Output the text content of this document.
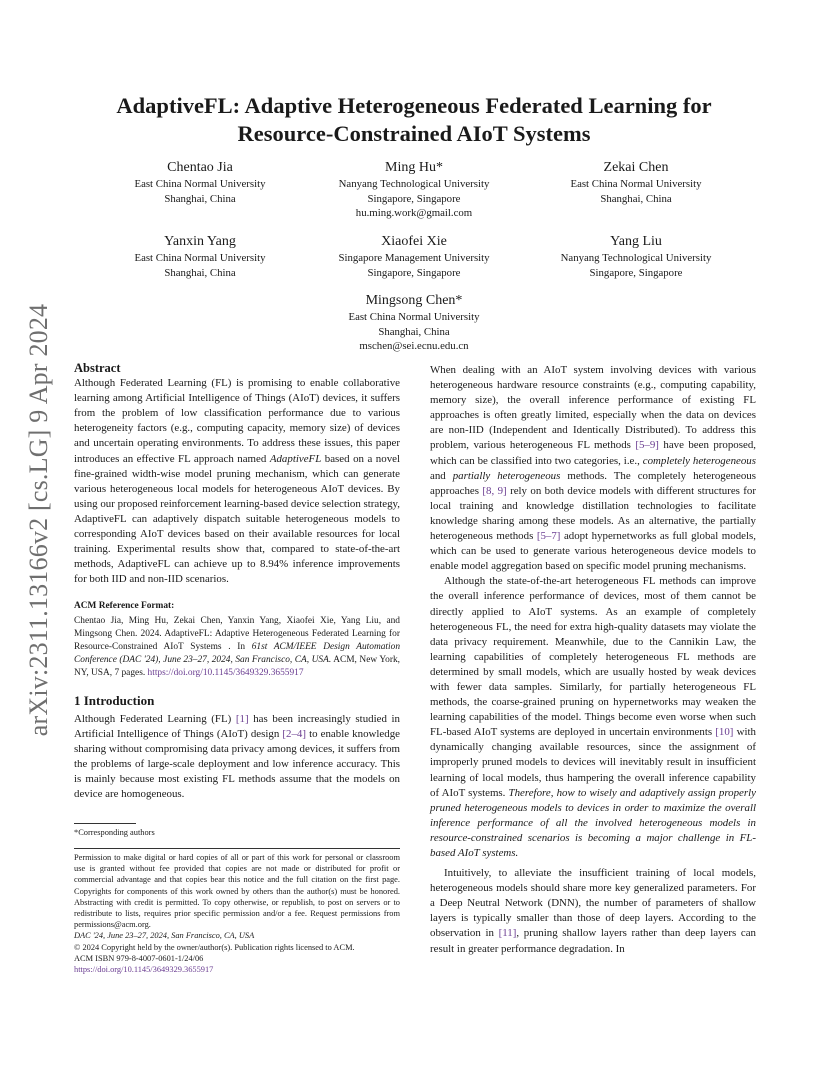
arXiv:2311.13166v2 [cs.LG] 9 Apr 2024
AdaptiveFL: Adaptive Heterogeneous Federated Learning for Resource-Constrained AIoT Systems
Chentao Jia
East China Normal University
Shanghai, China
Ming Hu*
Nanyang Technological University
Singapore, Singapore
hu.ming.work@gmail.com
Zekai Chen
East China Normal University
Shanghai, China
Yanxin Yang
East China Normal University
Shanghai, China
Xiaofei Xie
Singapore Management University
Singapore, Singapore
Yang Liu
Nanyang Technological University
Singapore, Singapore
Mingsong Chen*
East China Normal University
Shanghai, China
mschen@sei.ecnu.edu.cn

Abstract

Although Federated Learning (FL) is promising to enable collaborative learning among Artificial Intelligence of Things (AIoT) devices, it suffers from the problem of low classification performance due to various heterogeneity factors (e.g., computing capacity, memory size) of devices and uncertain operating environments. To address these issues, this paper introduces an effective FL approach named AdaptiveFL based on a novel fine-grained width-wise model pruning mechanism, which can generate various heterogeneous local models for heterogeneous AIoT devices. By using our proposed reinforcement learning-based device selection strategy, AdaptiveFL can adaptively dispatch suitable heterogeneous models to corresponding AIoT devices based on their available resources for local training. Experimental results show that, compared to state-of-the-art methods, AdaptiveFL can achieve up to 8.94% inference improvements for both IID and non-IID scenarios.

ACM Reference Format:

Chentao Jia, Ming Hu, Zekai Chen, Yanxin Yang, Xiaofei Xie, Yang Liu, and Mingsong Chen. 2024. AdaptiveFL: Adaptive Heterogeneous Federated Learning for Resource-Constrained AIoT Systems . In 61st ACM/IEEE Design Automation Conference (DAC '24), June 23–27, 2024, San Francisco, CA, USA. ACM, New York, NY, USA, 7 pages. https://doi.org/10.1145/3649329.3655917

1 Introduction

Although Federated Learning (FL) [1] has been increasingly studied in Artificial Intelligence of Things (AIoT) design [2–4] to enable knowledge sharing without compromising data privacy among devices, it suffers from the problems of large-scale deployment and low inference accuracy. This is mainly because most existing FL methods assume that the models on device are homogeneous.

*Corresponding authors
Permission to make digital or hard copies of all or part of this work for personal or classroom use is granted without fee provided that copies are not made or distributed for profit or commercial advantage and that copies bear this notice and the full citation on the first page. Copyrights for components of this work owned by others than the author(s) must be honored. Abstracting with credit is permitted. To copy otherwise, or republish, to post on servers or to redistribute to lists, requires prior specific permission and/or a fee. Request permissions from permissions@acm.org.
DAC '24, June 23–27, 2024, San Francisco, CA, USA
© 2024 Copyright held by the owner/author(s). Publication rights licensed to ACM.
ACM ISBN 979-8-4007-0601-1/24/06
https://doi.org/10.1145/3649329.3655917

When dealing with an AIoT system involving devices with various heterogeneous hardware resource constraints (e.g., computing capability, memory size), the overall inference performance of existing FL approaches is often greatly limited, especially when the data on devices are non-IID (Independent and Identically Distributed). To address this problem, various heterogeneous FL methods [5–9] have been proposed, which can be classified into two categories, i.e., completely heterogeneous and partially heterogeneous methods. The completely heterogeneous approaches [8, 9] rely on both device models with different structures for local training and knowledge distillation technologies to facilitate knowledge sharing among these models. As an alternative, the partially heterogeneous methods [5–7] adopt hypernetworks as full global models, which can be used to generate various heterogeneous device models to enable model aggregation based on specific model pruning mechanisms.

Although the state-of-the-art heterogeneous FL methods can improve the overall inference performance of devices, most of them cannot be directly applied to AIoT systems. As an example of completely heterogeneous FL, the need for extra high-quality datasets may violate the data privacy requirement. Meanwhile, due to the Cannikin Law, the learning capabilities of completely heterogeneous FL methods are determined by small models, which are usually hosted by weak devices with fewer data samples. Similarly, for partially heterogeneous FL methods, the coarse-grained pruning on hypernetworks may weaken the learning capabilities of the model. Things become even worse when such FL-based AIoT systems are deployed in uncertain environments [10] with dynamically changing available resources, since the assignment of improperly pruned models to devices will inevitably result in insufficient learning of local models, thus hampering the overall inference capability of AIoT systems. Therefore, how to wisely and adaptively assign properly pruned heterogeneous models to devices in order to maximize the overall inference performance of all the involved heterogeneous models in resource-constrained scenarios is becoming a major challenge in FL-based AIoT systems.

Intuitively, to alleviate the insufficient training of local models, heterogeneous models should share more key generalized parameters. For a Deep Neutral Network (DNN), the number of parameters of shallow layers is typically smaller than those of deep layers. According to the observation in [11], pruning shallow layers rather than deep layers can result in greater performance degradation. In
